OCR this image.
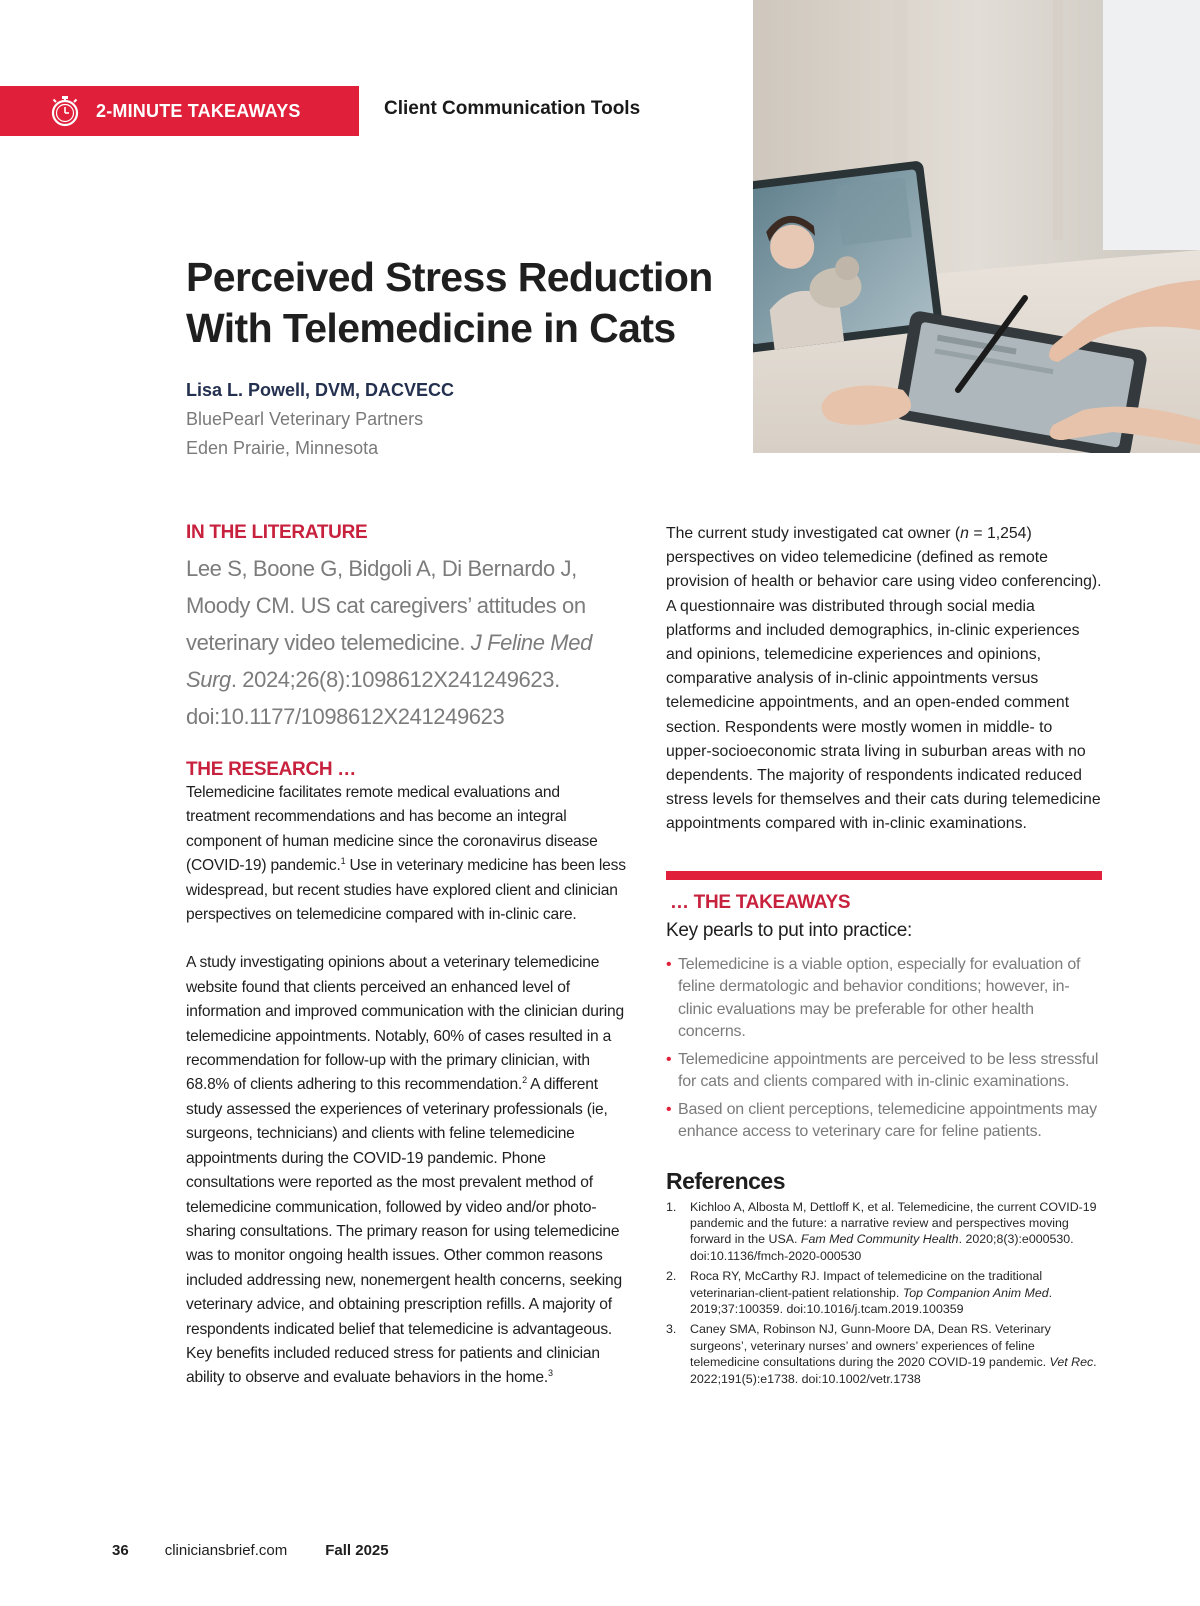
2-MINUTE TAKEAWAYS	Client Communication Tools
Perceived Stress Reduction
With Telemedicine in Cats
Lisa L. Powell, DVM, DACVECC
BluePearl Veterinary Partners
Eden Prairie, Minnesota
IN THE LITERATURE

Lee S, Boone G, Bidgoli A, Di Bernardo J, Moody CM. US cat caregivers’ attitudes on veterinary video telemedicine. J Feline Med Surg. 2024;26(8):1098612X241249623. doi:10.1177/1098612X241249623

THE RESEARCH …

Telemedicine facilitates remote medical evaluations and treatment recommendations and has become an integral component of human medicine since the coronavirus disease (COVID-19) pandemic.$^1$ Use in veterinary medicine has been less widespread, but recent studies have explored client and clinician perspectives on telemedicine compared with in-clinic care.

A study investigating opinions about a veterinary telemedicine website found that clients perceived an enhanced level of information and improved communication with the clinician during telemedicine appointments. Notably, 60% of cases resulted in a recommendation for follow-up with the primary clinician, with 68.8% of clients adhering to this recommendation.$^2$ A different study assessed the experiences of veterinary professionals (ie, surgeons, technicians) and clients with feline telemedicine appointments during the COVID-19 pandemic. Phone consultations were reported as the most prevalent method of telemedicine communication, followed by video and/or photo-sharing consultations. The primary reason for using telemedicine was to monitor ongoing health issues. Other common reasons included addressing new, nonemergent health concerns, seeking veterinary advice, and obtaining prescription refills. A majority of respondents indicated belief that telemedicine is advantageous. Key benefits included reduced stress for patients and clinician ability to observe and evaluate behaviors in the home.$^3$

The current study investigated cat owner (n = 1,254) perspectives on video telemedicine (defined as remote provision of health or behavior care using video conferencing). A questionnaire was distributed through social media platforms and included demographics, in-clinic experiences and opinions, telemedicine experiences and opinions, comparative analysis of in-clinic appointments versus telemedicine appointments, and an open-ended comment section. Respondents were mostly women in middle- to upper-socioeconomic strata living in suburban areas with no dependents. The majority of respondents indicated reduced stress levels for themselves and their cats during telemedicine appointments compared with in-clinic examinations.

… THE TAKEAWAYS

Key pearls to put into practice:

• Telemedicine is a viable option, especially for evaluation of feline dermatologic and behavior conditions; however, in-clinic evaluations may be preferable for other health concerns.
• Telemedicine appointments are perceived to be less stressful for cats and clients compared with in-clinic examinations.
• Based on client perceptions, telemedicine appointments may enhance access to veterinary care for feline patients.
References
1. Kichloo A, Albosta M, Dettloff K, et al. Telemedicine, the current COVID-19 pandemic and the future: a narrative review and perspectives moving forward in the USA. Fam Med Community Health. 2020;8(3):e000530. doi:10.1136/fmch-2020-000530
2. Roca RY, McCarthy RJ. Impact of telemedicine on the traditional veterinarian-client-patient relationship. Top Companion Anim Med. 2019;37:100359. doi:10.1016/j.tcam.2019.100359
3. Caney SMA, Robinson NJ, Gunn-Moore DA, Dean RS. Veterinary surgeons’, veterinary nurses’ and owners’ experiences of feline telemedicine consultations during the 2020 COVID-19 pandemic. Vet Rec. 2022;191(5):e1738. doi:10.1002/vetr.1738
36 cliniciansbrief.com	Fall 2025
